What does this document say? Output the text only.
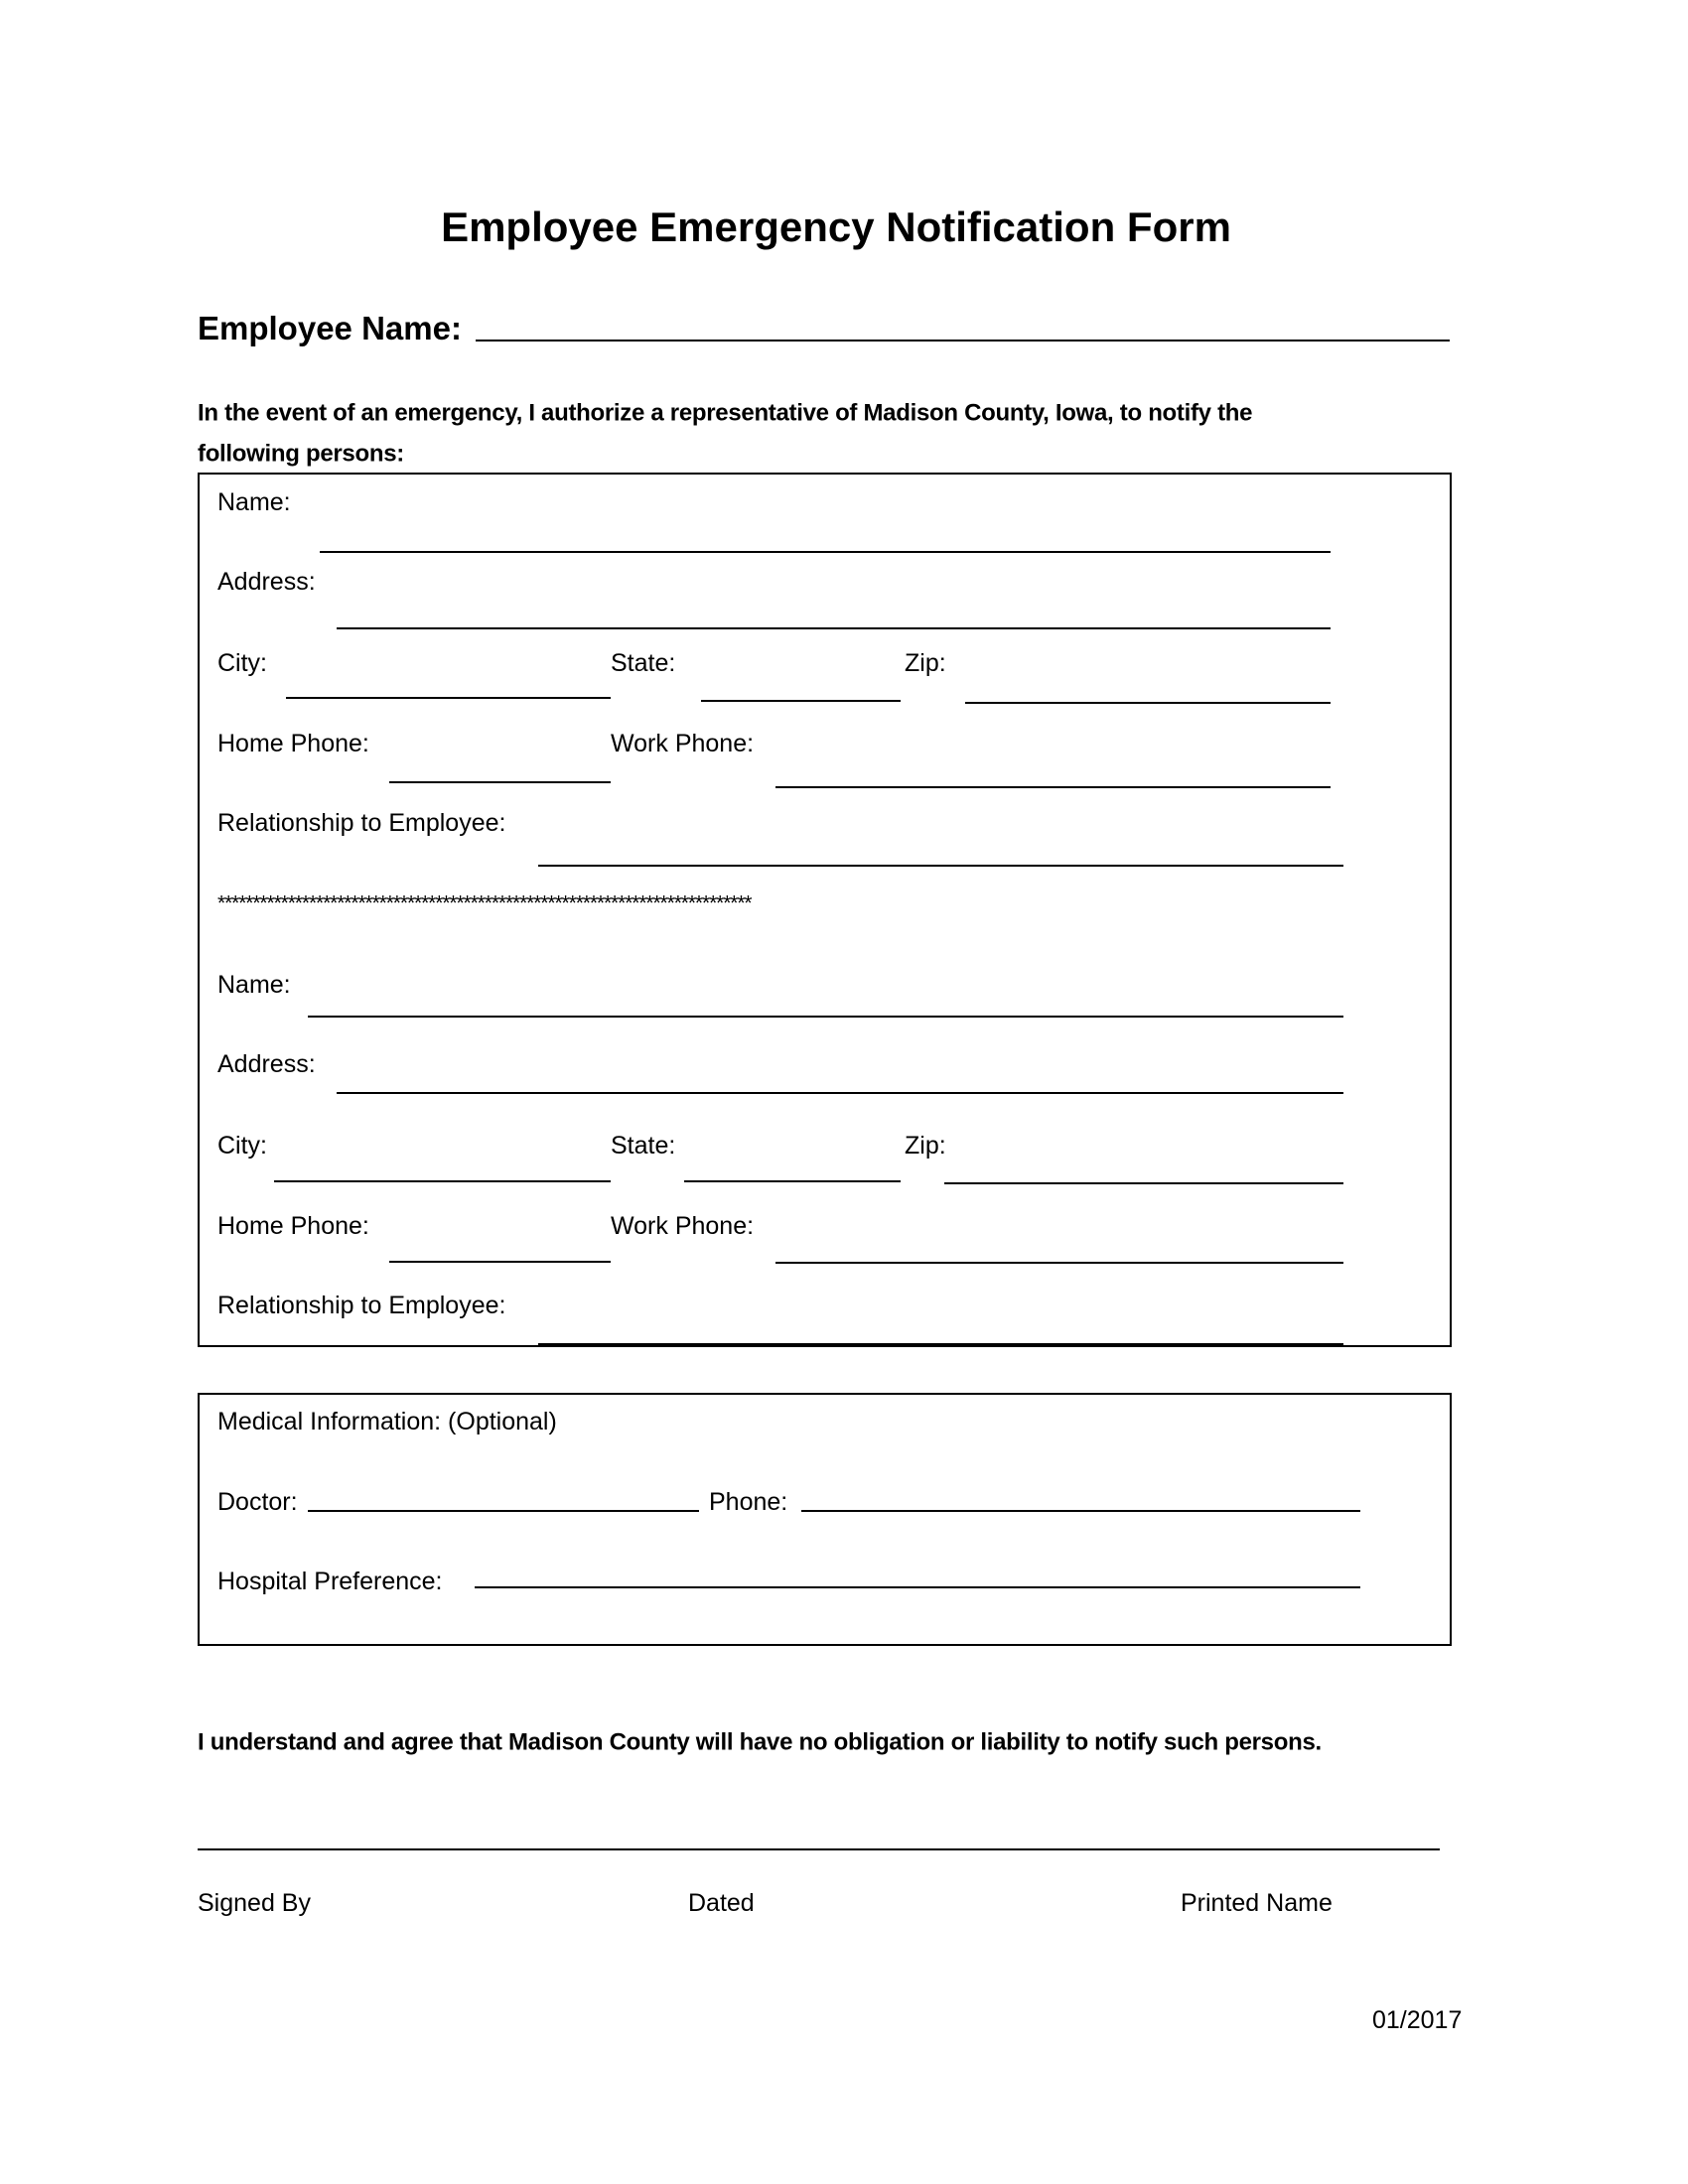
Employee Emergency Notification Form
Employee Name:
In the event of an emergency, I authorize a representative of Madison County, Iowa, to notify the
following persons:
Name:
Address:
City:	State:	Zip:
Home Phone:	Work Phone:
Relationship to Employee:
****************************************************************************
Name:
Address:
City:	State:	Zip:
Home Phone:	Work Phone:
Relationship to Employee:
Medical Information: (Optional)
Doctor:	Phone:
Hospital Preference:
I understand and agree that Madison County will have no obligation or liability to notify such persons.
Signed By	Dated	Printed Name
01/2017
